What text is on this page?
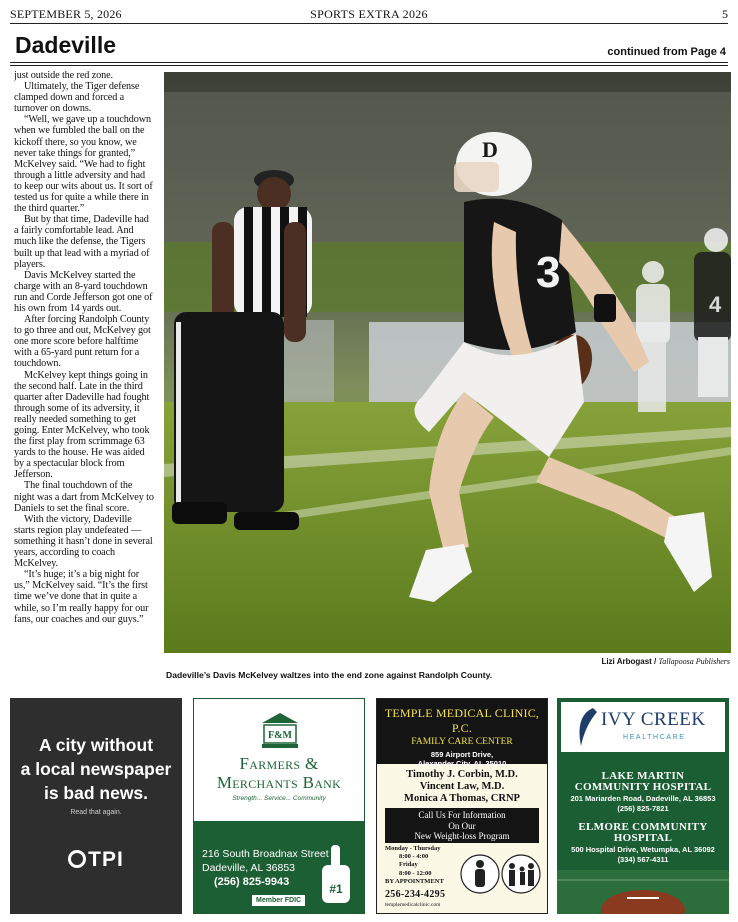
SEPTEMBER 5, 2026	SPORTS EXTRA 2026	5
Dadeville	continued from Page 4

just outside the red zone.

Ultimately, the Tiger defense clamped down and forced a turnover on downs.

“Well, we gave up a touchdown when we fumbled the ball on the kickoff there, so you know, we never take things for granted,” McKelvey said. “We had to fight through a little adversity and had to keep our wits about us. It sort of tested us for quite a while there in the third quarter.”

But by that time, Dadeville had a fairly comfortable lead. And much like the defense, the Tigers built up that lead with a myriad of players.

Davis McKelvey started the charge with an 8-yard touchdown run and Corde Jefferson got one of his own from 14 yards out.

After forcing Randolph County to go three and out, McKelvey got one more score before halftime with a 65-yard punt return for a touchdown.

McKelvey kept things going in the second half. Late in the third quarter after Dadeville had fought through some of its adversity, it really needed something to get going. Enter McKelvey, who took the first play from scrimmage 63 yards to the house. He was aided by a spectacular block from Jefferson.

The final touchdown of the night was a dart from McKelvey to Daniels to set the final score.

With the victory, Dadeville starts region play undefeated — something it hasn’t done in several years, according to coach McKelvey.

“It’s huge; it’s a big night for us,” McKelvey said. “It’s the first time we’ve done that in quite a while, so I’m really happy for our fans, our coaches and our guys.”

4
D
3
Lizi Arbogast / Tallapoosa Publishers
Dadeville’s Davis McKelvey waltzes into the end zone against Randolph County.
A city without
a local newspaper
is bad news.
Read that again.
TPI
F&M
Farmers &
Merchants Bank
Strength... Service... Community
216 South Broadnax Street
Dadeville, AL 36853
(256) 825-9943
Member FDIC
#1
TEMPLE MEDICAL CLINIC, P.C.
FAMILY CARE CENTER
859 Airport Drive,
Alexander City, AL 35010
Timothy J. Corbin, M.D.
Vincent Law, M.D.
Monica A Thomas, CRNP
Call Us For Information
On Our
New Weight-loss Program
Monday - Thursday
8:00 - 4:00
Friday
8:00 - 12:00
BY APPOINTMENT
256-234-4295
templemedicalclinic.com
IVY CREEK
HEALTHCARE
LAKE MARTIN
COMMUNITY HOSPITAL
201 Mariarden Road, Dadeville, AL 36853
(256) 825-7821
ELMORE COMMUNITY
HOSPITAL
500 Hospital Drive, Wetumpka, AL 36092
(334) 567-4311
